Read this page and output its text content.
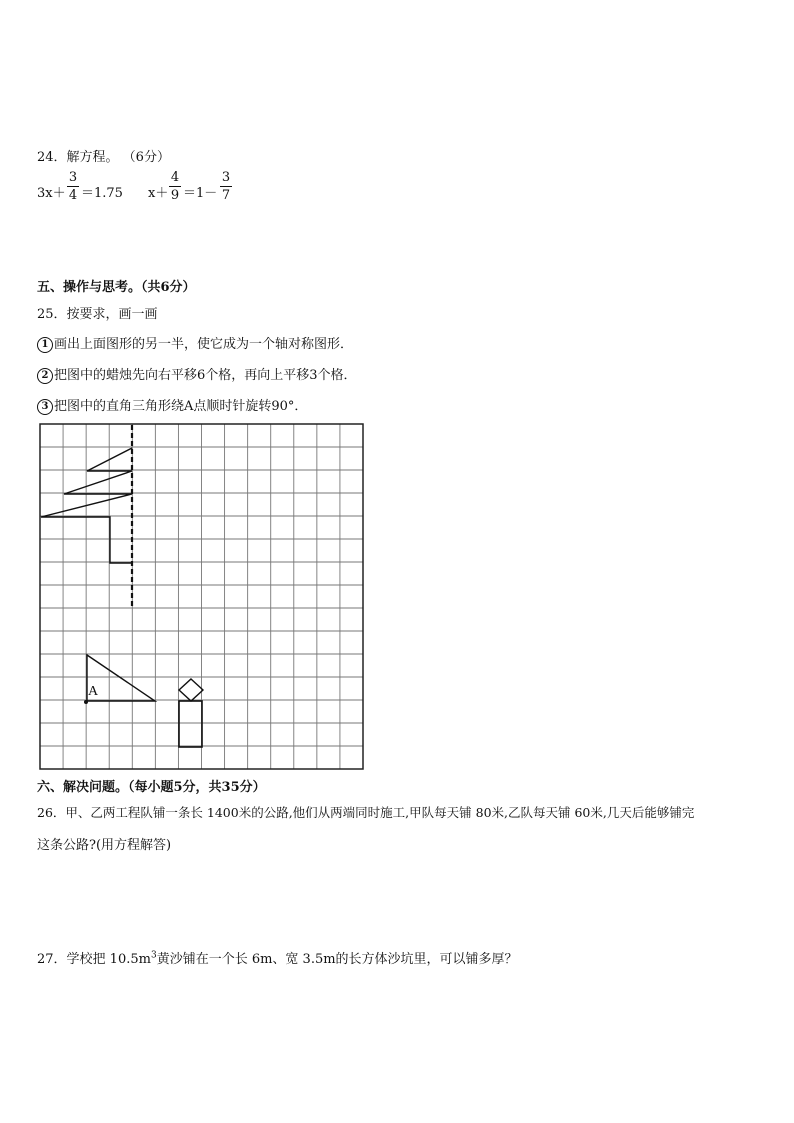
24．解方程。 （6分）
3x＋
3
4 ＝1.75 x＋
4
9 ＝1－
3
7
五、操作与思考。（共6分）
25．按要求，画一画
1 画出上面图形的另一半，使它成为一个轴对称图形．
2 把图中的蜡烛先向右平移6个格，再向上平移3个格．
3 把图中的直角三角形绕A点顺时针旋转90°．
A
六、解决问题。（每小题5分，共35分）
26．甲、乙两工程队铺一条长 1400米的公路,他们从两端同时施工,甲队每天铺 80米,乙队每天铺 60米,几天后能够铺完
这条公路?(用方程解答)
27．学校把 $10.5m^3$黄沙铺在一个长 6m、宽 3.5m的长方体沙坑里，可以铺多厚？
